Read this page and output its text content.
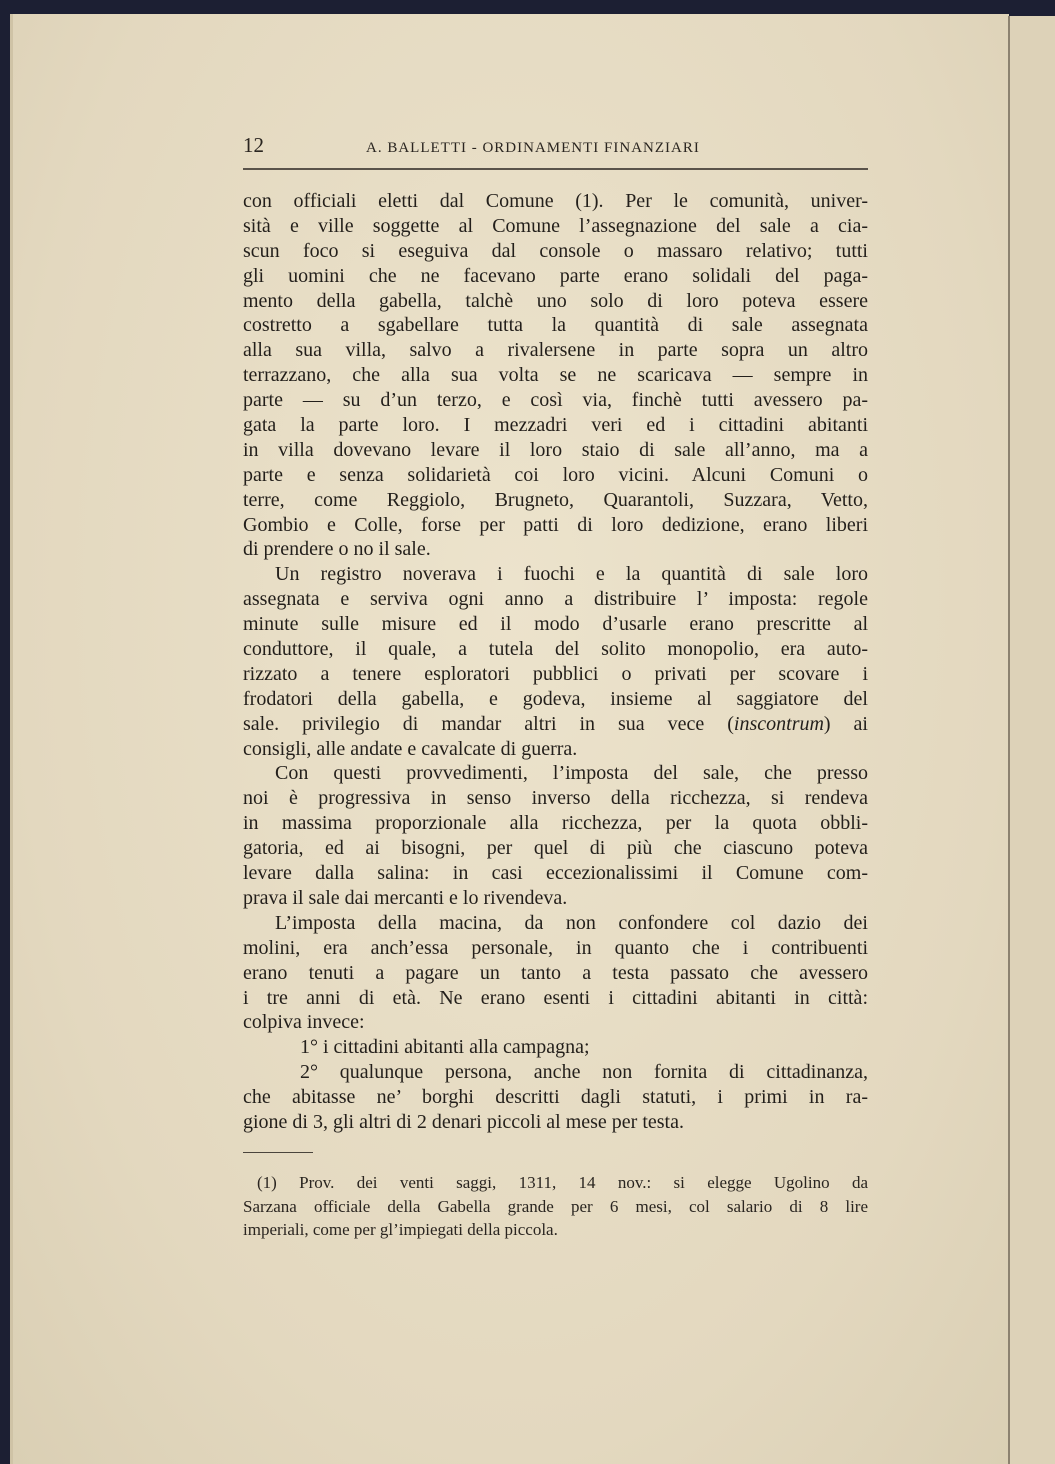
12	A. BALLETTI - ORDINAMENTI FINANZIARI
con officiali eletti dal Comune (1). Per le comunità, univer-
sità e ville soggette al Comune l’assegnazione del sale a cia-
scun foco si eseguiva dal console o massaro relativo; tutti
gli uomini che ne facevano parte erano solidali del paga-
mento della gabella, talchè uno solo di loro poteva essere
costretto a sgabellare tutta la quantità di sale assegnata
alla sua villa, salvo a rivalersene in parte sopra un altro
terrazzano, che alla sua volta se ne scaricava — sempre in
parte — su d’un terzo, e così via, finchè tutti avessero pa-
gata la parte loro. I mezzadri veri ed i cittadini abitanti
in villa dovevano levare il loro staio di sale all’anno, ma a
parte e senza solidarietà coi loro vicini. Alcuni Comuni o
terre, come Reggiolo, Brugneto, Quarantoli, Suzzara, Vetto,
Gombio e Colle, forse per patti di loro dedizione, erano liberi
di prendere o no il sale.
Un registro noverava i fuochi e la quantità di sale loro
assegnata e serviva ogni anno a distribuire l’ imposta: regole
minute sulle misure ed il modo d’usarle erano prescritte al
conduttore, il quale, a tutela del solito monopolio, era auto-
rizzato a tenere esploratori pubblici o privati per scovare i
frodatori della gabella, e godeva, insieme al saggiatore del
sale. privilegio di mandar altri in sua vece (inscontrum) ai
consigli, alle andate e cavalcate di guerra.
Con questi provvedimenti, l’imposta del sale, che presso
noi è progressiva in senso inverso della ricchezza, si rendeva
in massima proporzionale alla ricchezza, per la quota obbli-
gatoria, ed ai bisogni, per quel di più che ciascuno poteva
levare dalla salina: in casi eccezionalissimi il Comune com-
prava il sale dai mercanti e lo rivendeva.
L’imposta della macina, da non confondere col dazio dei
molini, era anch’essa personale, in quanto che i contribuenti
erano tenuti a pagare un tanto a testa passato che avessero
i tre anni di età. Ne erano esenti i cittadini abitanti in città:
colpiva invece:
1° i cittadini abitanti alla campagna;
2° qualunque persona, anche non fornita di cittadinanza,
che abitasse ne’ borghi descritti dagli statuti, i primi in ra-
gione di 3, gli altri di 2 denari piccoli al mese per testa.
(1) Prov. dei venti saggi, 1311, 14 nov.: si elegge Ugolino da
Sarzana officiale della Gabella grande per 6 mesi, col salario di 8 lire
imperiali, come per gl’impiegati della piccola.
